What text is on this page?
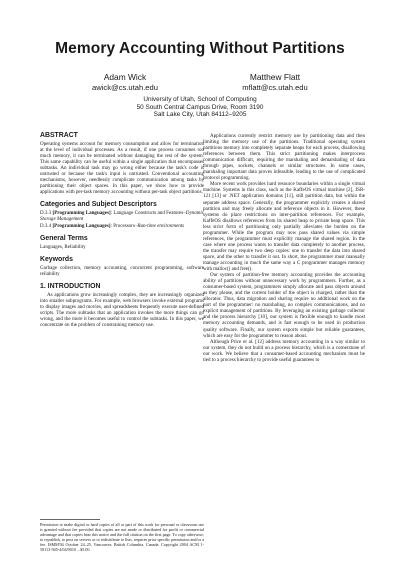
Memory Accounting Without Partitions
Adam Wick
awick@cs.utah.edu
Matthew Flatt
mflatt@cs.utah.edu
University of Utah, School of Computing
50 South Central Campus Drive, Room 3190
Salt Lake City, Utah 84112–9205
ABSTRACT

Operating systems account for memory consumption and allow for termination at the level of individual processes. As a result, if one process consumes too much memory, it can be terminated without damaging the rest of the system. This same capability can be useful within a single application that encompasses subtasks. An individual task may go wrong either because the task's code is untrusted or because the task's input is untrusted. Conventional accounting mechanisms, however, needlessly complicate communication among tasks by partitioning their object spaces. In this paper, we show how to provide applications with per-task memory accounting without per-task object partitions.

Categories and Subject Descriptors

D.3.3 [Programming Languages]: Language Constructs and Features–Dynamic Storage Management

D.3.4 [Programming Languages]: Processors–Run-time environments

General Terms

Languages, Reliability

Keywords

Garbage collection, memory accounting, concurrent programming, software reliability

1. INTRODUCTION

As applications grow increasingly complex, they are increasingly organized into smaller subprograms. For example, web browsers invoke external programs to display images and movies, and spreadsheets frequently execute user-defined scripts. The more subtasks that an application invokes the more things can go wrong, and the more it becomes useful to control the subtasks. In this paper, we concentrate on the problem of constraining memory use.

Permission to make digital or hard copies of all or part of this work for personal or classroom use is granted without fee provided that copies are not made or distributed for profit or commercial advantage and that copies bear this notice and the full citation on the first page. To copy otherwise, to republish, to post on servers or to redistribute to lists, requires prior specific permission and/or a fee. ISMM'04 October 24–25, Vancouver, British Columbia, Canada. Copyright 2004 ACM 1-58113-945-4/04/0010 ...$5.00.

Applications currently restrict memory use by partitioning data and then limiting the memory use of the partitions. Traditional operating system partitions memory into completely separate heaps for each process, disallowing references between them. This strict partitioning makes interprocess communication difficult, requiring the marshaling and demarshaling of data through pipes, sockets, channels or similar structures. In some cases, marshaling important data proves infeasible, leading to the use of complicated protocol programming.

More recent work provides hard resource boundaries within a single virtual machine. Systems in this class, such as the KaffeOS virtual machine [2], JSR-121 [13] or .NET application domains [11], still partition data, but within the separate address space. Generally, the programmer explicitly creates a shared partition and may freely allocate and reference objects in it. However, these systems do place restrictions on inter-partition references. For example, KaffeOS disallows references from its shared heap to private heap space. This less strict form of partitioning only partially alleviates the burden on the programmer. While the program may now pass shared values via simple references, the programmer must explicitly manage the shared region. In the case where one process wants to transfer data completely to another process, the transfer may require two deep copies: one to transfer the data into shared space, and the other to transfer it out. In short, the programmer must manually manage accounting in much the same way a C programmer manages memory with malloc() and free().

Our system of partition-free memory accounting provides the accounting ability of partitions without unnecessary work by programmers. Further, as a consumer-based system, programmers simply allocate and pass objects around as they please, and the current holder of the object is charged, rather than the allocator. Thus, data migration and sharing require no additional work on the part of the programmer: no marshaling, no complex communications, and no explicit management of partitions. By leveraging an existing garbage collector and the process hierarchy [10], our system is flexible enough to handle most memory accounting demands, and is fast enough to be used in production quality software. Finally, our system exports simple but reliable guarantees, which are easy for the programmer to reason about.

Although Price et al. [12] address memory accounting in a way similar to our system, they do not build on a process hierarchy, which is a cornerstone of our work. We believe that a consumer-based accounting mechanism must be tied to a process hierarchy to provide useful guarantees to
